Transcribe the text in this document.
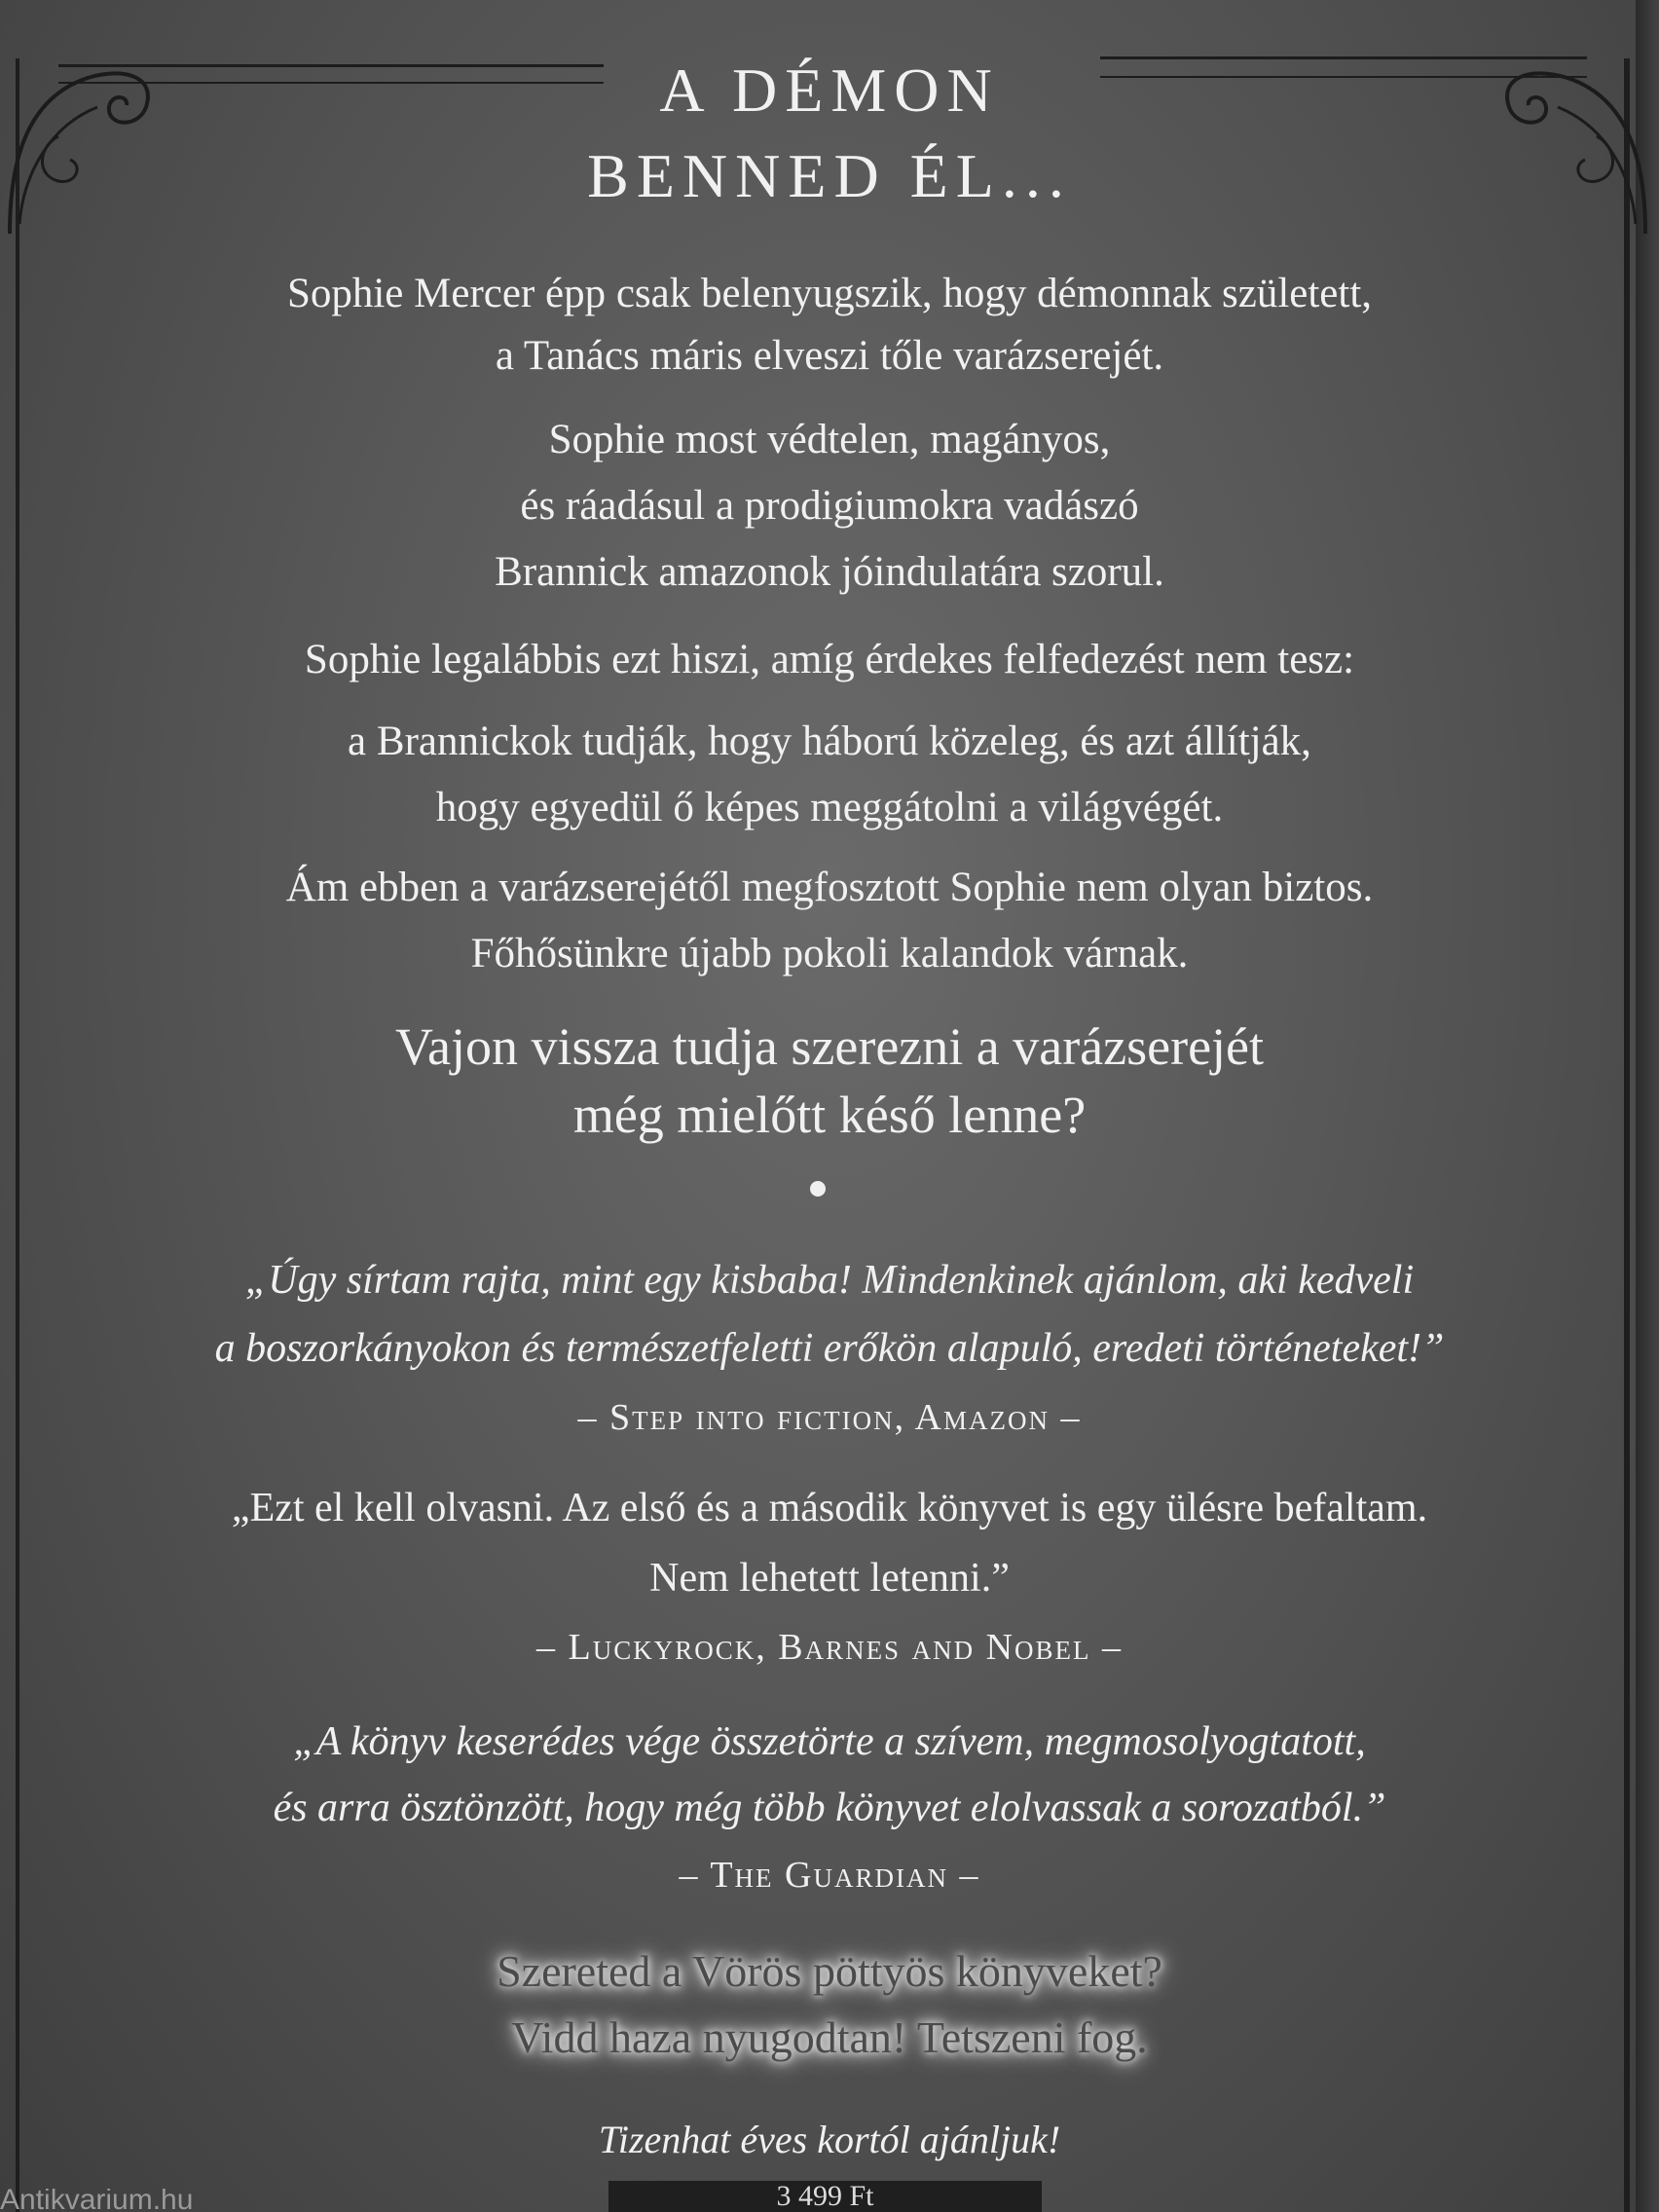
A DÉMON
BENNED ÉL...
Sophie Mercer épp csak belenyugszik, hogy démonnak született,
a Tanács máris elveszi tőle varázserejét.
Sophie most védtelen, magányos,
és ráadásul a prodigiumokra vadászó
Brannick amazonok jóindulatára szorul.
Sophie legalábbis ezt hiszi, amíg érdekes felfedezést nem tesz:
a Brannickok tudják, hogy háború közeleg, és azt állítják,
hogy egyedül ő képes meggátolni a világvégét.
Ám ebben a varázserejétől megfosztott Sophie nem olyan biztos.
Főhősünkre újabb pokoli kalandok várnak.
Vajon vissza tudja szerezni a varázserejét
még mielőtt késő lenne?
„Úgy sírtam rajta, mint egy kisbaba! Mindenkinek ajánlom, aki kedveli
a boszorkányokon és természetfeletti erőkön alapuló, eredeti történeteket!”
– Step into fiction, Amazon –
„Ezt el kell olvasni. Az első és a második könyvet is egy ülésre befaltam.
Nem lehetett letenni.”
– Luckyrock, Barnes and Nobel –
„A könyv keserédes vége összetörte a szívem, megmosolyogtatott,
és arra ösztönzött, hogy még több könyvet elolvassak a sorozatból.”
– The Guardian –
Szereted a Vörös pöttyös könyveket?
Vidd haza nyugodtan! Tetszeni fog.
Tizenhat éves kortól ajánljuk!
Antikvarium.hu	3 499 Ft
